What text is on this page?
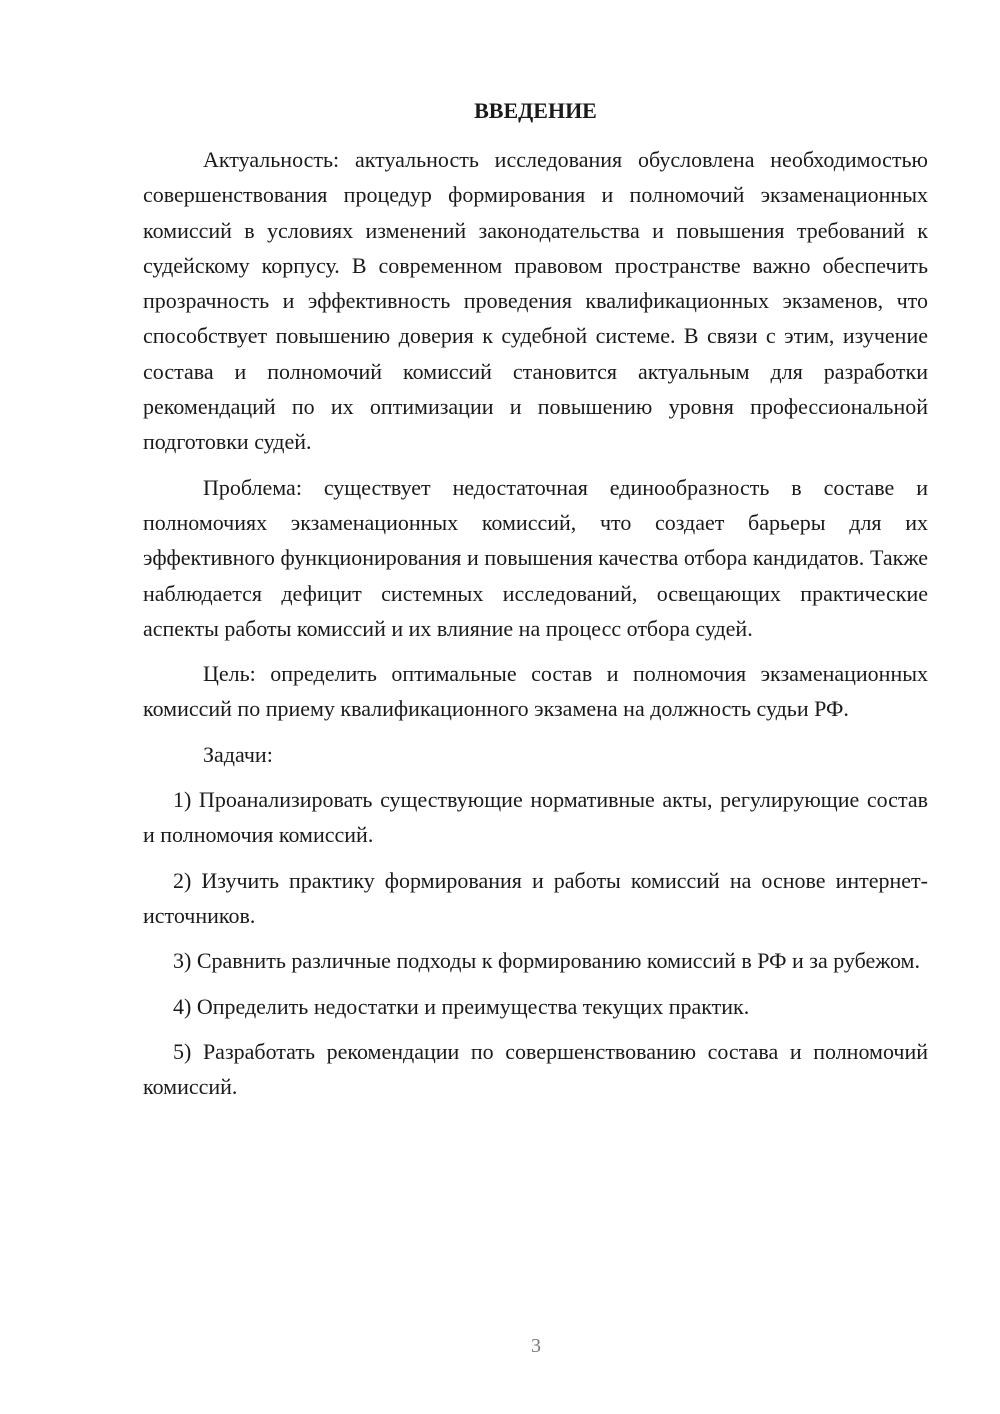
ВВЕДЕНИЕ

Актуальность: актуальность исследования обусловлена необходимостью совершенствования процедур формирования и полномочий экзаменационных комиссий в условиях изменений законодательства и повышения требований к судейскому корпусу. В современном правовом пространстве важно обеспечить прозрачность и эффективность проведения квалификационных экзаменов, что способствует повышению доверия к судебной системе. В связи с этим, изучение состава и полномочий комиссий становится актуальным для разработки рекомендаций по их оптимизации и повышению уровня профессиональной подготовки судей.

Проблема: существует недостаточная единообразность в составе и полномочиях экзаменационных комиссий, что создает барьеры для их эффективного функционирования и повышения качества отбора кандидатов. Также наблюдается дефицит системных исследований, освещающих практические аспекты работы комиссий и их влияние на процесс отбора судей.

Цель: определить оптимальные состав и полномочия экзаменационных комиссий по приему квалификационного экзамена на должность судьи РФ.

Задачи:

1) Проанализировать существующие нормативные акты, регулирующие состав и полномочия комиссий.

2) Изучить практику формирования и работы комиссий на основе интернет-источников.

3) Сравнить различные подходы к формированию комиссий в РФ и за рубежом.

4) Определить недостатки и преимущества текущих практик.

5) Разработать рекомендации по совершенствованию состава и полномочий комиссий.

3
